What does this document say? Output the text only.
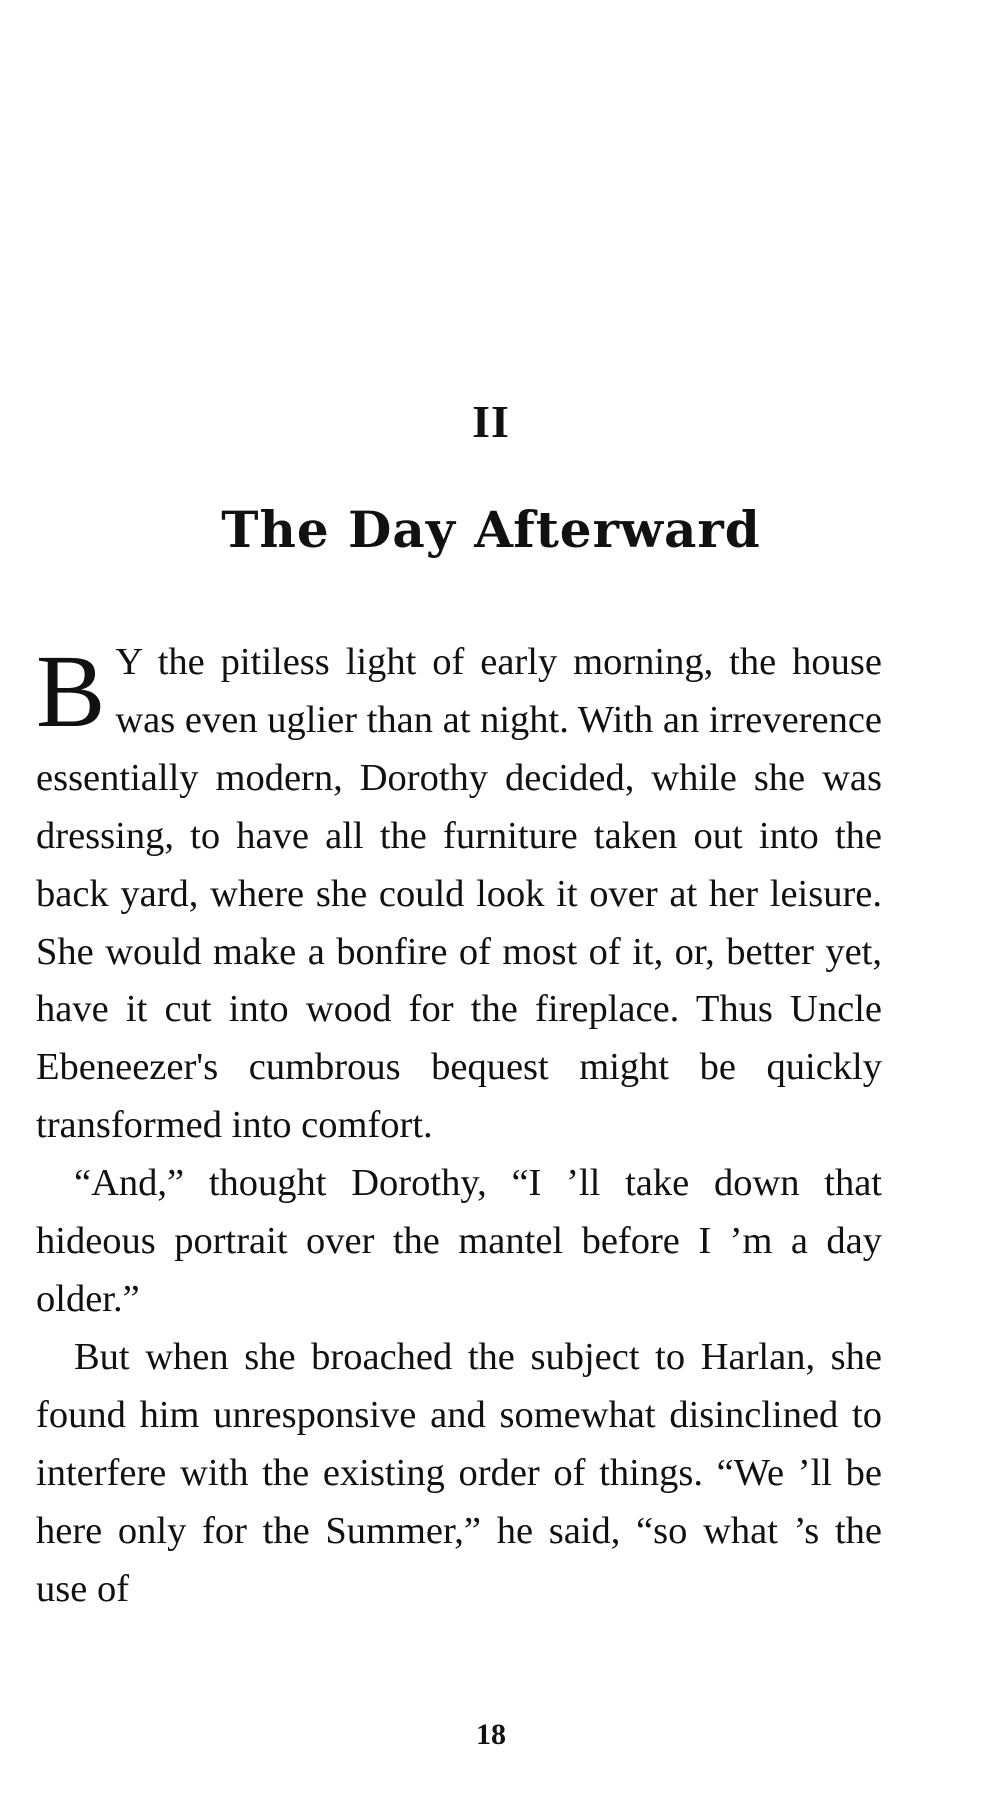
II
The Day Afterward

B Y the pitiless light of early morning, the house was even uglier than at night. With an irreverence essentially modern, Dorothy decided, while she was dressing, to have all the furniture taken out into the back yard, where she could look it over at her leisure. She would make a bonfire of most of it, or, better yet, have it cut into wood for the fireplace. Thus Uncle Ebeneezer's cumbrous bequest might be quickly transformed into comfort.

“And,” thought Dorothy, “I ’ll take down that hideous portrait over the mantel before I ’m a day older.”

But when she broached the subject to Harlan, she found him unresponsive and somewhat disinclined to interfere with the existing order of things. “We ’ll be here only for the Summer,” he said, “so what ’s the use of

18
